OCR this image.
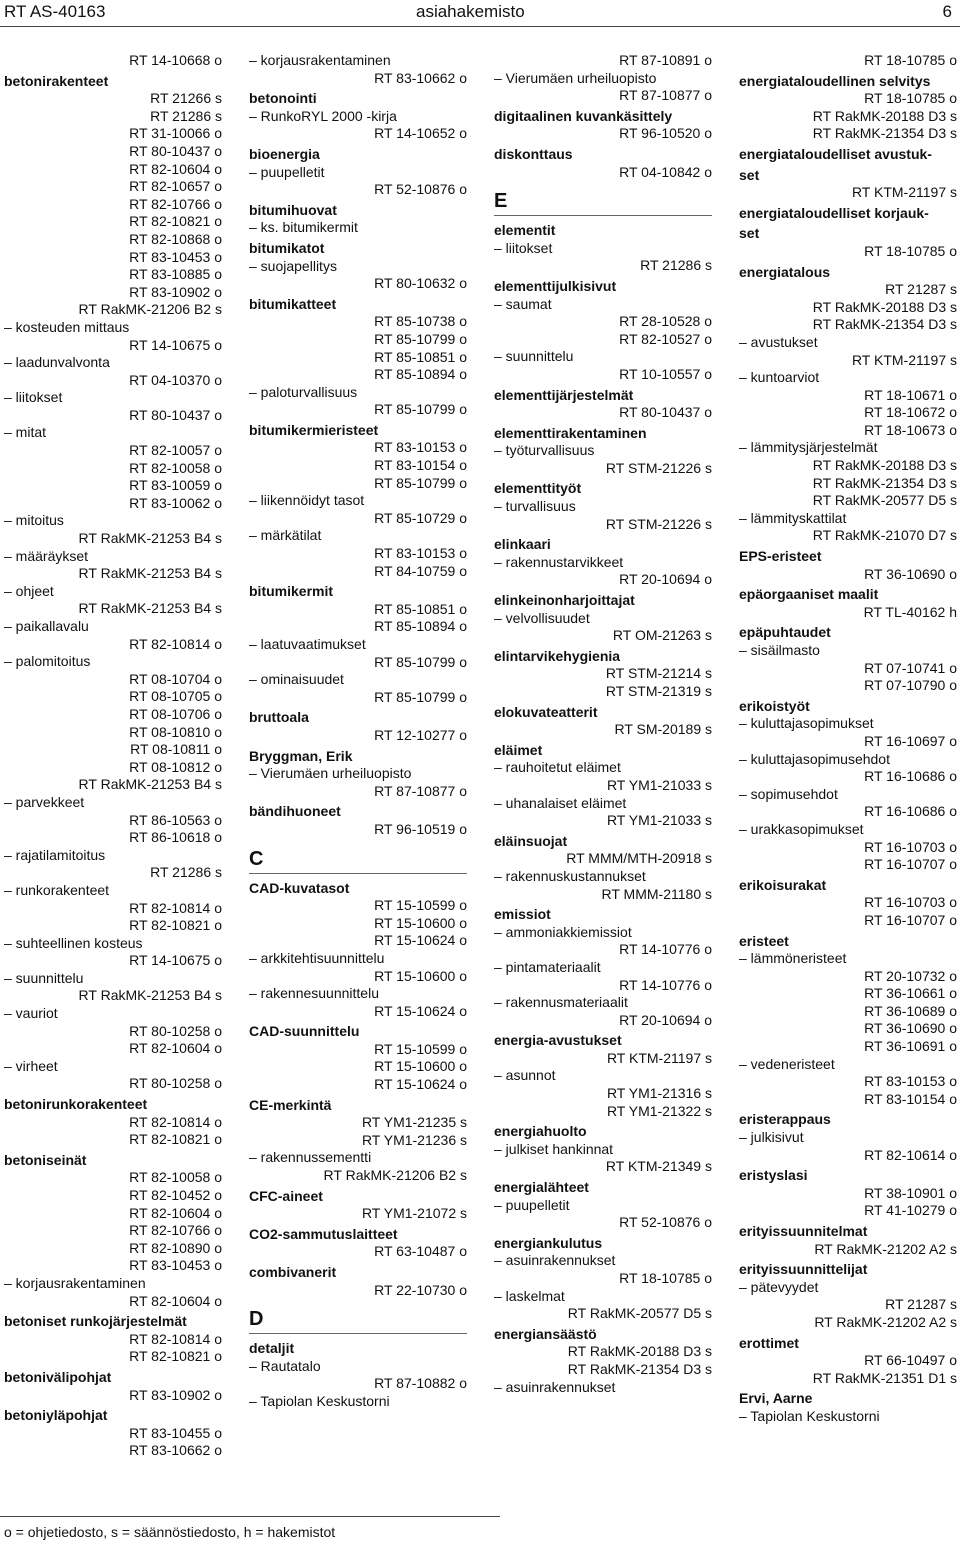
RT AS-40163	asiahakemisto	6
RT 14-10668 o
betonirakenteet
RT 21266 s
RT 21286 s
RT 31-10066 o
RT 80-10437 o
RT 82-10604 o
RT 82-10657 o
RT 82-10766 o
RT 82-10821 o
RT 82-10868 o
RT 83-10453 o
RT 83-10885 o
RT 83-10902 o
RT RakMK-21206 B2 s
– kosteuden mittaus
RT 14-10675 o
– laadunvalvonta
RT 04-10370 o
– liitokset
RT 80-10437 o
– mitat
RT 82-10057 o
RT 82-10058 o
RT 83-10059 o
RT 83-10062 o
– mitoitus
RT RakMK-21253 B4 s
– määräykset
RT RakMK-21253 B4 s
– ohjeet
RT RakMK-21253 B4 s
– paikallavalu
RT 82-10814 o
– palomitoitus
RT 08-10704 o
RT 08-10705 o
RT 08-10706 o
RT 08-10810 o
RT 08-10811 o
RT 08-10812 o
RT RakMK-21253 B4 s
– parvekkeet
RT 86-10563 o
RT 86-10618 o
– rajatilamitoitus
RT 21286 s
– runkorakenteet
RT 82-10814 o
RT 82-10821 o
– suhteellinen kosteus
RT 14-10675 o
– suunnittelu
RT RakMK-21253 B4 s
– vauriot
RT 80-10258 o
RT 82-10604 o
– virheet
RT 80-10258 o
betonirunkorakenteet
RT 82-10814 o
RT 82-10821 o
betoniseinät
RT 82-10058 o
RT 82-10452 o
RT 82-10604 o
RT 82-10766 o
RT 82-10890 o
RT 83-10453 o
– korjausrakentaminen
RT 82-10604 o
betoniset runkojärjestelmät
RT 82-10814 o
RT 82-10821 o
betonivälipohjat
RT 83-10902 o
betoniyläpohjat
RT 83-10455 o
RT 83-10662 o
– korjausrakentaminen
RT 83-10662 o
betonointi
– RunkoRYL 2000 -kirja
RT 14-10652 o
bioenergia
– puupelletit
RT 52-10876 o
bitumihuovat
– ks. bitumikermit
bitumikatot
– suojapellitys
RT 80-10632 o
bitumikatteet
RT 85-10738 o
RT 85-10799 o
RT 85-10851 o
RT 85-10894 o
– paloturvallisuus
RT 85-10799 o
bitumikermieristeet
RT 83-10153 o
RT 83-10154 o
RT 85-10799 o
– liikennöidyt tasot
RT 85-10729 o
– märkätilat
RT 83-10153 o
RT 84-10759 o
bitumikermit
RT 85-10851 o
RT 85-10894 o
– laatuvaatimukset
RT 85-10799 o
– ominaisuudet
RT 85-10799 o
bruttoala
RT 12-10277 o
Bryggman, Erik
– Vierumäen urheiluopisto
RT 87-10877 o
bändihuoneet
RT 96-10519 o
C
CAD-kuvatasot
RT 15-10599 o
RT 15-10600 o
RT 15-10624 o
– arkkitehtisuunnittelu
RT 15-10600 o
– rakennesuunnittelu
RT 15-10624 o
CAD-suunnittelu
RT 15-10599 o
RT 15-10600 o
RT 15-10624 o
CE-merkintä
RT YM1-21235 s
RT YM1-21236 s
– rakennussementti
RT RakMK-21206 B2 s
CFC-aineet
RT YM1-21072 s
CO2-sammutuslaitteet
RT 63-10487 o
combivanerit
RT 22-10730 o
D
detaljit
– Rautatalo
RT 87-10882 o
– Tapiolan Keskustorni
RT 87-10891 o
– Vierumäen urheiluopisto
RT 87-10877 o
digitaalinen kuvankäsittely
RT 96-10520 o
diskonttaus
RT 04-10842 o
E
elementit
– liitokset
RT 21286 s
elementtijulkisivut
– saumat
RT 28-10528 o
RT 82-10527 o
– suunnittelu
RT 10-10557 o
elementtijärjestelmät
RT 80-10437 o
elementtirakentaminen
– työturvallisuus
RT STM-21226 s
elementtityöt
– turvallisuus
RT STM-21226 s
elinkaari
– rakennustarvikkeet
RT 20-10694 o
elinkeinonharjoittajat
– velvollisuudet
RT OM-21263 s
elintarvikehygienia
RT STM-21214 s
RT STM-21319 s
elokuvateatterit
RT SM-20189 s
eläimet
– rauhoitetut eläimet
RT YM1-21033 s
– uhanalaiset eläimet
RT YM1-21033 s
eläinsuojat
RT MMM/MTH-20918 s
– rakennuskustannukset
RT MMM-21180 s
emissiot
– ammoniakkiemissiot
RT 14-10776 o
– pintamateriaalit
RT 14-10776 o
– rakennusmateriaalit
RT 20-10694 o
energia-avustukset
RT KTM-21197 s
– asunnot
RT YM1-21316 s
RT YM1-21322 s
energiahuolto
– julkiset hankinnat
RT KTM-21349 s
energialähteet
– puupelletit
RT 52-10876 o
energiankulutus
– asuinrakennukset
RT 18-10785 o
– laskelmat
RT RakMK-20577 D5 s
energiansäästö
RT RakMK-20188 D3 s
RT RakMK-21354 D3 s
– asuinrakennukset
RT 18-10785 o
energiataloudellinen selvitys
RT 18-10785 o
RT RakMK-20188 D3 s
RT RakMK-21354 D3 s
energiataloudelliset avustuk-
set
RT KTM-21197 s
energiataloudelliset korjauk-
set
RT 18-10785 o
energiatalous
RT 21287 s
RT RakMK-20188 D3 s
RT RakMK-21354 D3 s
– avustukset
RT KTM-21197 s
– kuntoarviot
RT 18-10671 o
RT 18-10672 o
RT 18-10673 o
– lämmitysjärjestelmät
RT RakMK-20188 D3 s
RT RakMK-21354 D3 s
RT RakMK-20577 D5 s
– lämmityskattilat
RT RakMK-21070 D7 s
EPS-eristeet
RT 36-10690 o
epäorgaaniset maalit
RT TL-40162 h
epäpuhtaudet
– sisäilmasto
RT 07-10741 o
RT 07-10790 o
erikoistyöt
– kuluttajasopimukset
RT 16-10697 o
– kuluttajasopimusehdot
RT 16-10686 o
– sopimusehdot
RT 16-10686 o
– urakkasopimukset
RT 16-10703 o
RT 16-10707 o
erikoisurakat
RT 16-10703 o
RT 16-10707 o
eristeet
– lämmöneristeet
RT 20-10732 o
RT 36-10661 o
RT 36-10689 o
RT 36-10690 o
RT 36-10691 o
– vedeneristeet
RT 83-10153 o
RT 83-10154 o
eristerappaus
– julkisivut
RT 82-10614 o
eristyslasi
RT 38-10901 o
RT 41-10279 o
erityissuunnitelmat
RT RakMK-21202 A2 s
erityissuunnittelijat
– pätevyydet
RT 21287 s
RT RakMK-21202 A2 s
erottimet
RT 66-10497 o
RT RakMK-21351 D1 s
Ervi, Aarne
– Tapiolan Keskustorni
o = ohjetiedosto, s = säännöstiedosto, h = hakemistot
